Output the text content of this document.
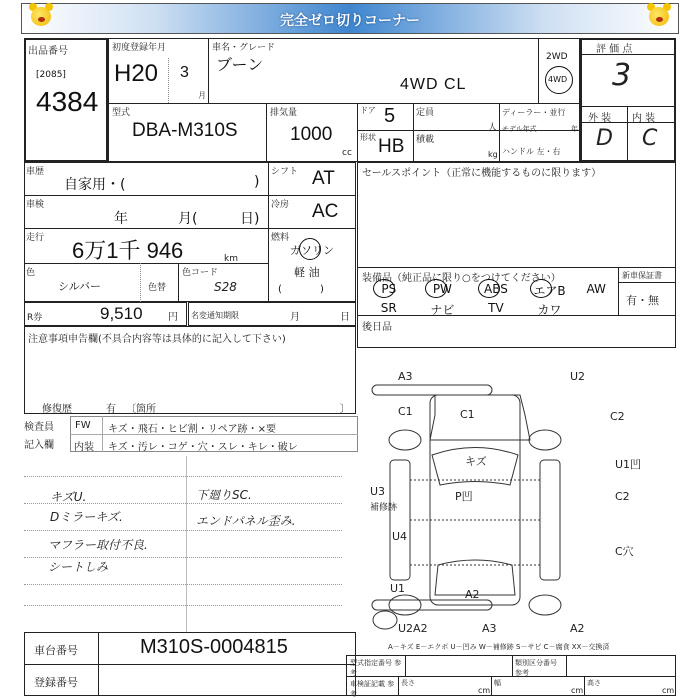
完全ゼロ切りコーナー
出品番号
[2085]
4384
初度登録年月
H20 3
月
車名・グレード
ブーン
4WD CL
2WD
4WD
型式
DBA-M310S
排気量
1000
cc
ドア 5
形状 HB
定員
人
積載
kg
ディーラー・並行
モデル年式	年
ハンドル 左・右
評 価 点
3
外 装 内 装
D C
車歴
自家用・(	)
車検
年	月(	日)
走行 6万1千 946	km
色
シルバー	色替
色コード
S28
シフト AT
冷房 AC
燃料
ガソリン
軽 油
(            )
R券	9,510	円 名変通知期限	月	日
注意事項申告欄(不具合内容等は具体的に記入して下さい)
修復歴	有 〔箇所	〕
検査員
記入欄
FW キズ・飛石・ヒビ割・リペア跡・×要
内装 キズ・汚レ・コゲ・穴・スレ・キレ・破レ
キズU.
Dミラーキズ.
マフラー取付不良.
シートしみ
下廻りSC.
エンドパネル歪み.
セールスポイント（正常に機能するものに限ります）
装備品（純正品に限り○をつけてください）	新車保証書
有・無
後日品
PS	PW	ABS	エアB	AW
SR	ナビ	TV	カワ
A3	U2
C1	C1	C2
キズ	U1凹
P凹
U3
補修跡
C2
U4
C穴
U1	A2
U2A2	A3	A2
A－キズ E－エクボ U－凹み W－補修跡 S－サビ C－腐食 XX－交換済
車台番号	M310S-0004815
登録番号
型式指定番号 参考
類別区分番号 参考
車検証記載 参考
長さ	幅	高さ
cm	cm	cm
